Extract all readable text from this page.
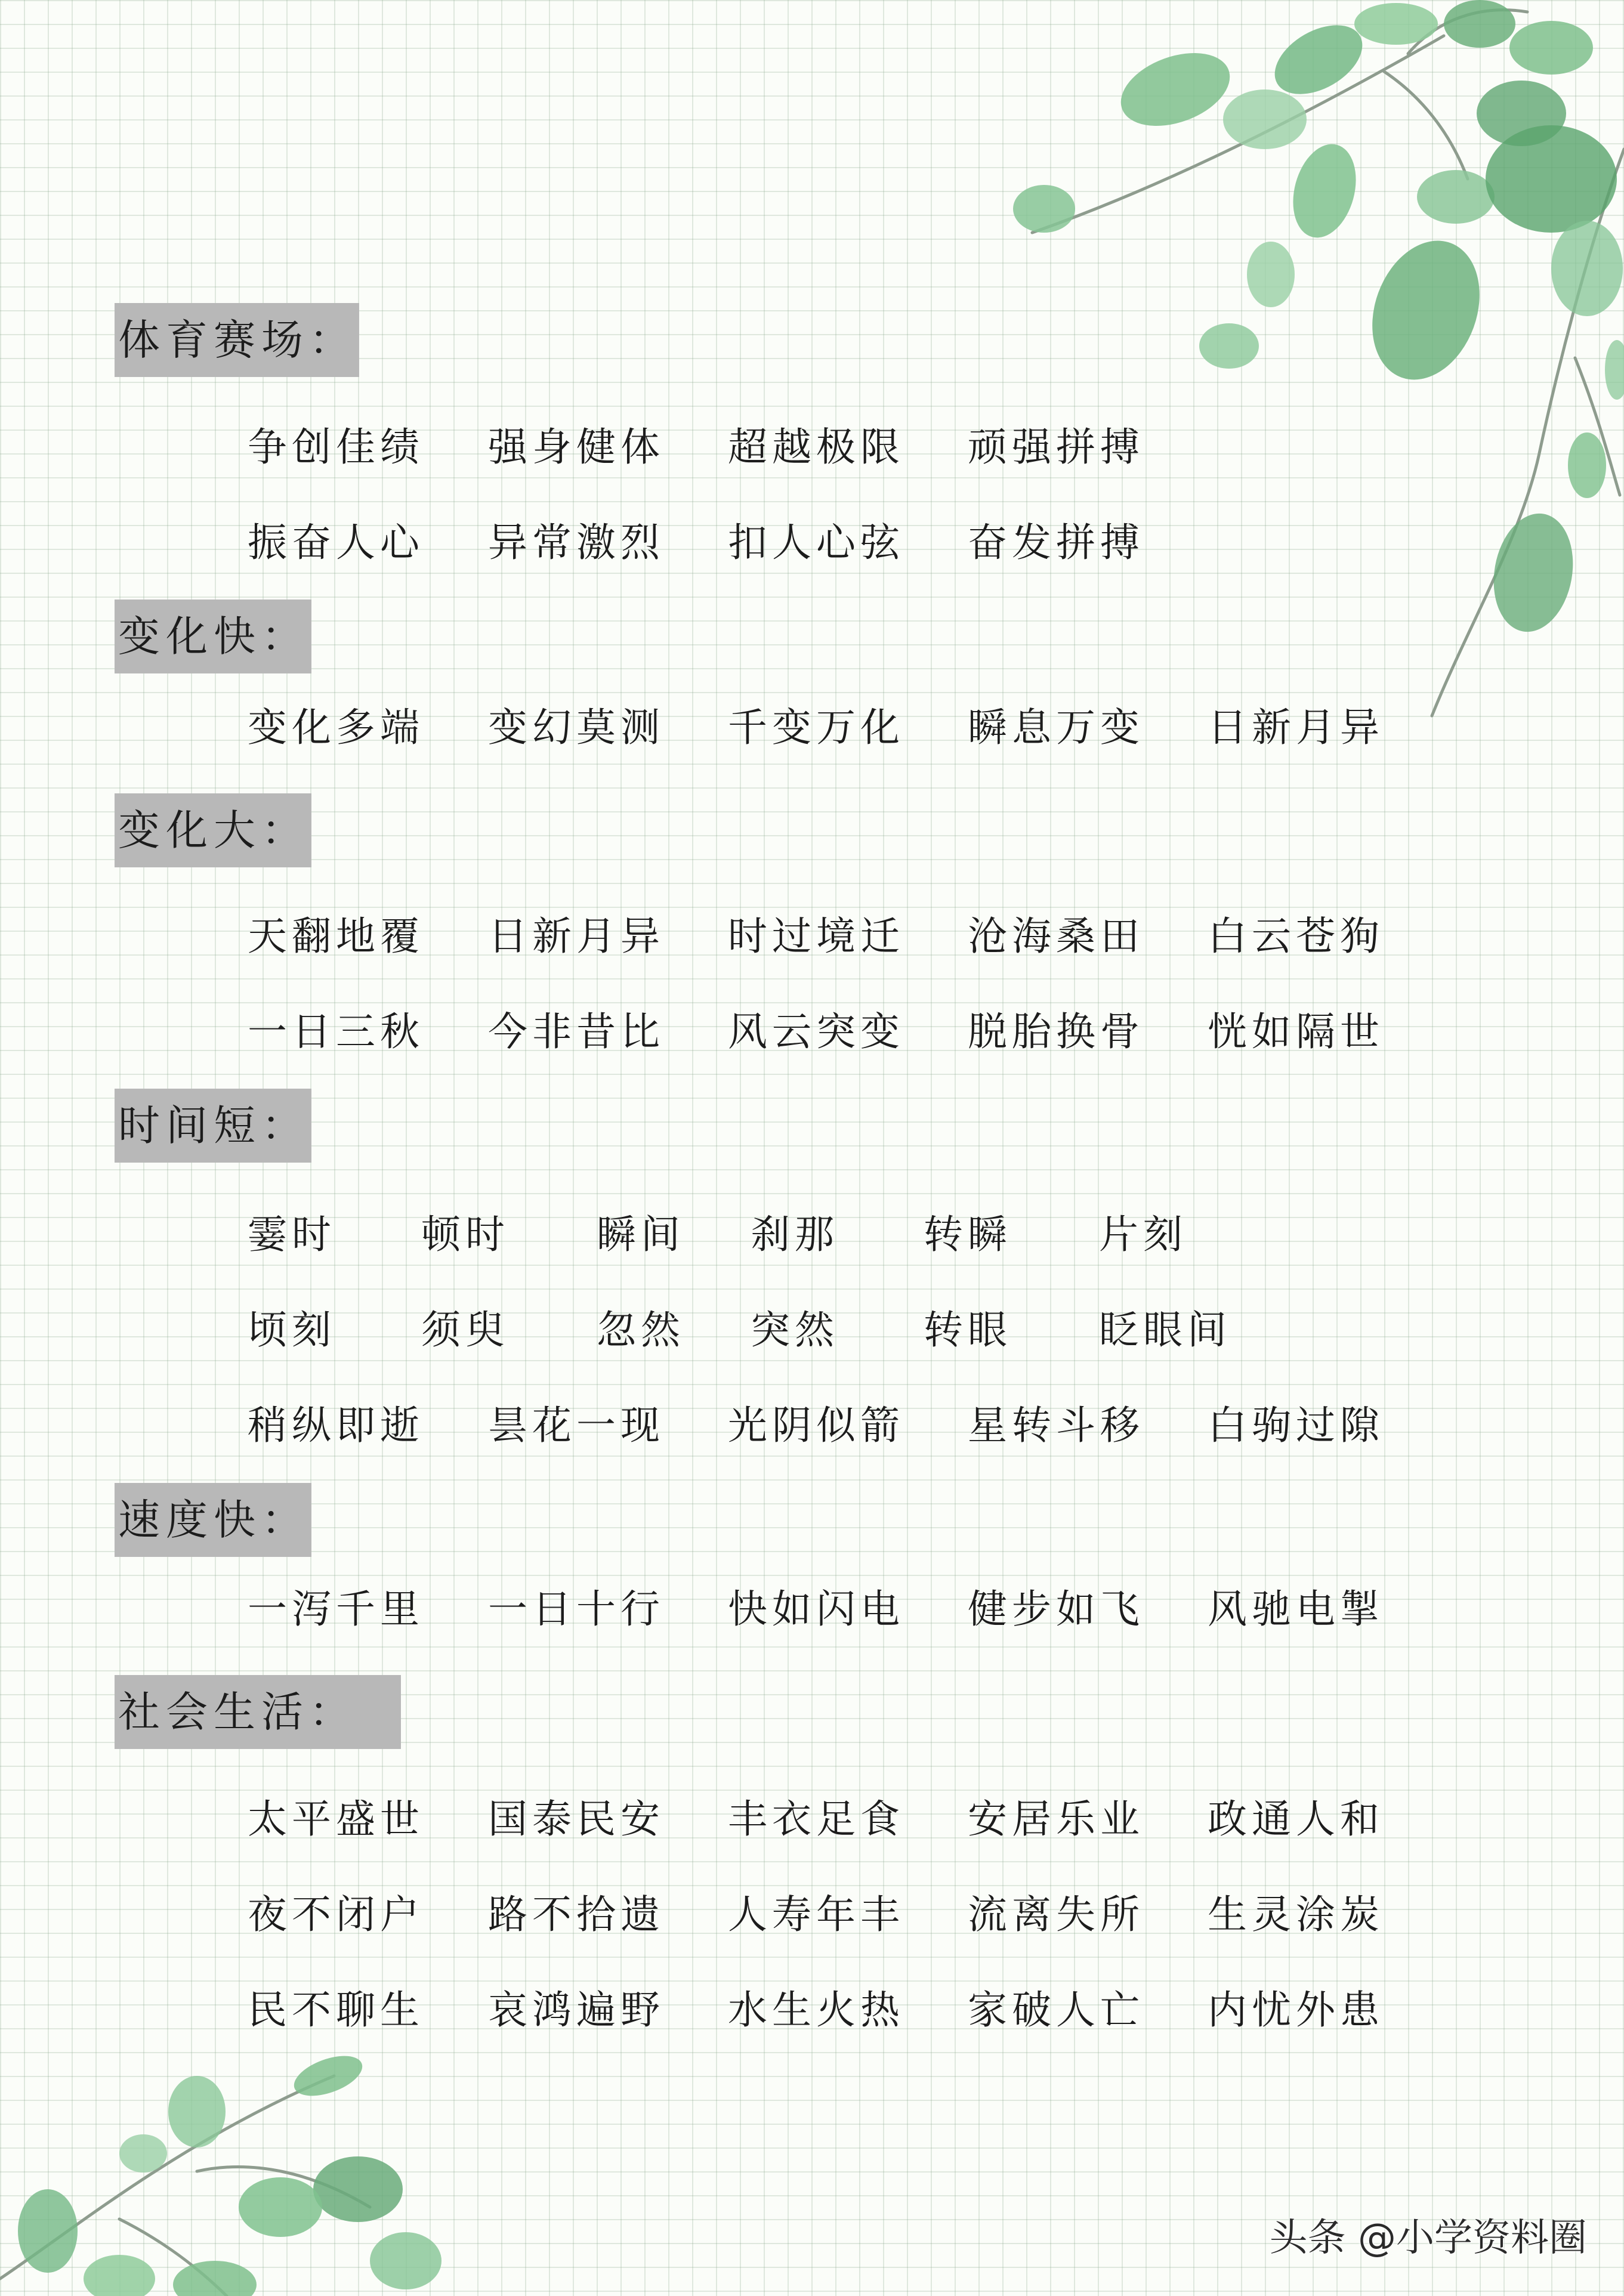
体育赛场：
争创佳绩 强身健体 超越极限 顽强拼搏
振奋人心 异常激烈 扣人心弦 奋发拼搏
变化快：
变化多端 变幻莫测 千变万化 瞬息万变 日新月异
变化大：
天翻地覆 日新月异 时过境迁 沧海桑田 白云苍狗
一日三秋 今非昔比 风云突变 脱胎换骨 恍如隔世
时间短：
霎时 顿时 瞬间 刹那 转瞬 片刻
顷刻 须臾 忽然 突然 转眼 眨眼间
稍纵即逝 昙花一现 光阴似箭 星转斗移 白驹过隙
速度快：
一泻千里 一日十行 快如闪电 健步如飞 风驰电掣
社会生活：
太平盛世 国泰民安 丰衣足食 安居乐业 政通人和
夜不闭户 路不拾遗 人寿年丰 流离失所 生灵涂炭
民不聊生 哀鸿遍野 水生火热 家破人亡 内忧外患
头条 @小学资料圈
